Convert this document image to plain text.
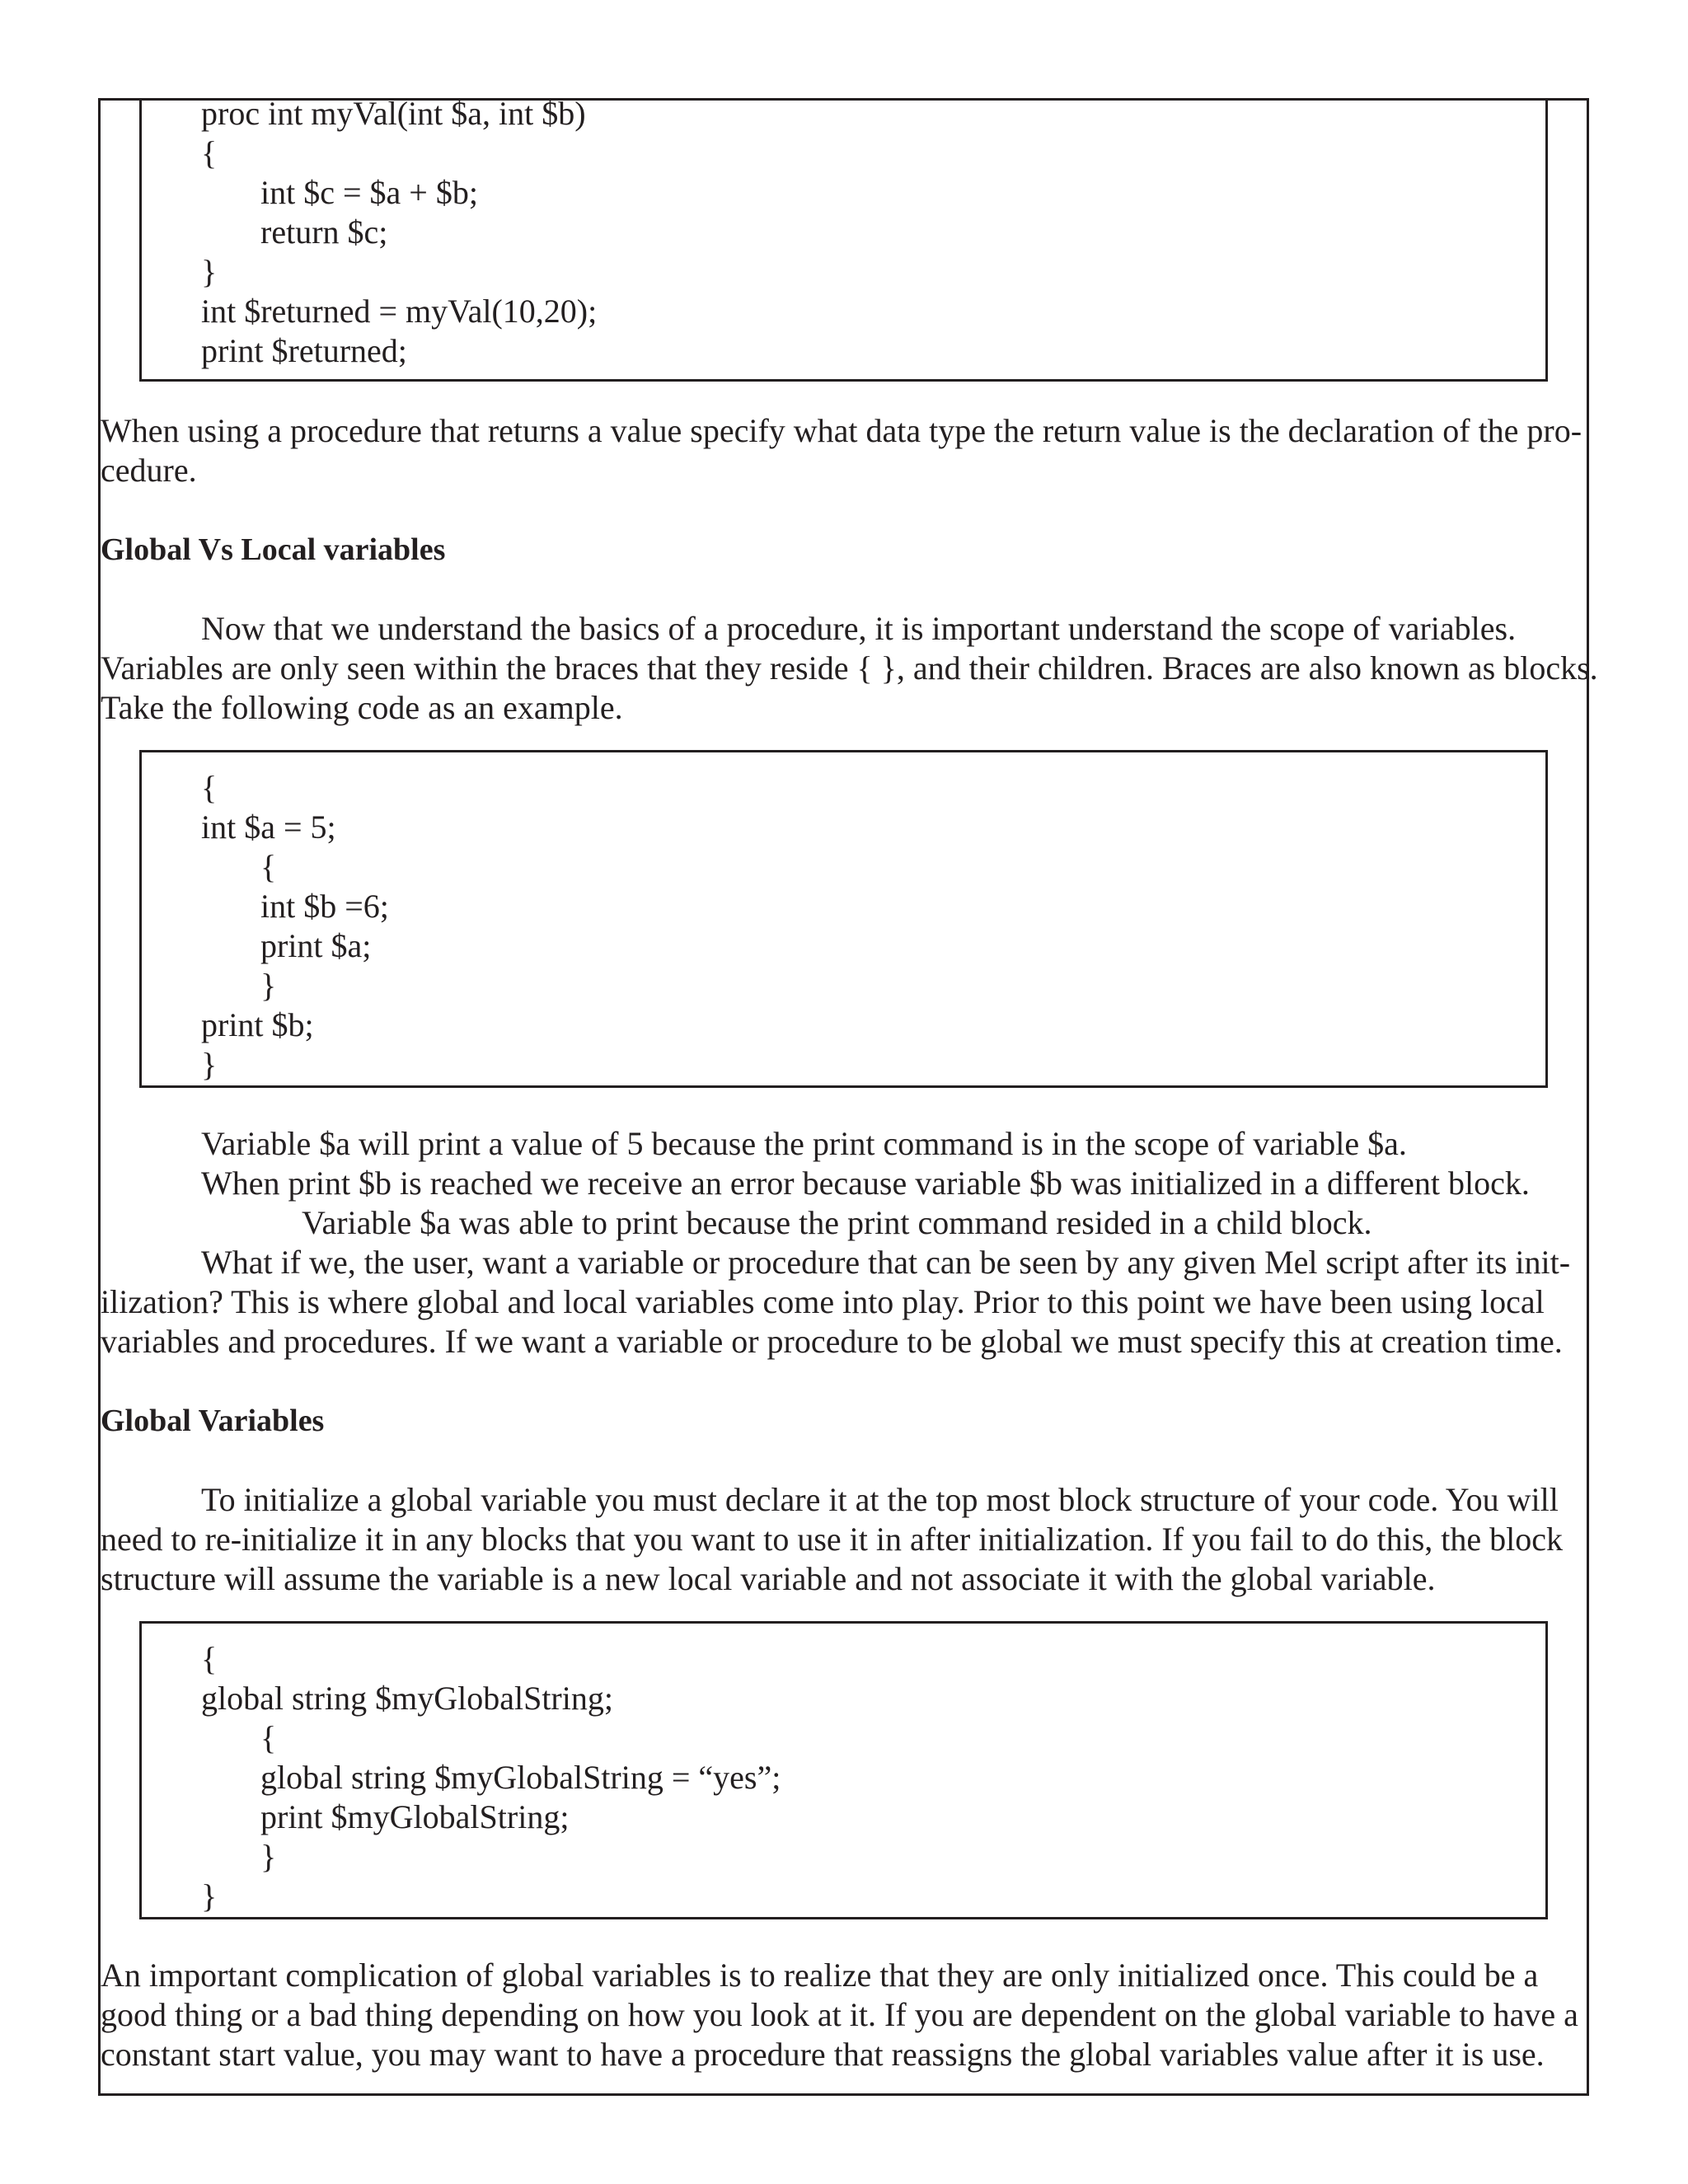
proc int myVal(int $a, int $b)
{
int $c = $a + $b;
return $c;
}
int $returned = myVal(10,20);
print $returned;
When using a procedure that returns a value specify what data type the return value is the declaration of the pro-
cedure.
Global Vs Local variables
Now that we understand the basics of a procedure, it is important understand the scope of variables.
Variables are only seen within the braces that they reside { }, and their children. Braces are also known as blocks.
Take the following code as an example.
{
int $a = 5;
{
int $b =6;
print $a;
}
print $b;
}
Variable $a will print a value of 5 because the print command is in the scope of variable $a.
When print $b is reached we receive an error because variable $b was initialized in a different block.
Variable $a was able to print because the print command resided in a child block.
What if we, the user, want a variable or procedure that can be seen by any given Mel script after its init-
ilization? This is where global and local variables come into play. Prior to this point we have been using local
variables and procedures. If we want a variable or procedure to be global we must specify this at creation time.
Global Variables
To initialize a global variable you must declare it at the top most block structure of your code. You will
need to re-initialize it in any blocks that you want to use it in after initialization. If you fail to do this, the block
structure will assume the variable is a new local variable and not associate it with the global variable.
{
global string $myGlobalString;
{
global string $myGlobalString = “yes”;
print $myGlobalString;
}
}
An important complication of global variables is to realize that they are only initialized once. This could be a
good thing or a bad thing depending on how you look at it. If you are dependent on the global variable to have a
constant start value, you may want to have a procedure that reassigns the global variables value after it is use.
